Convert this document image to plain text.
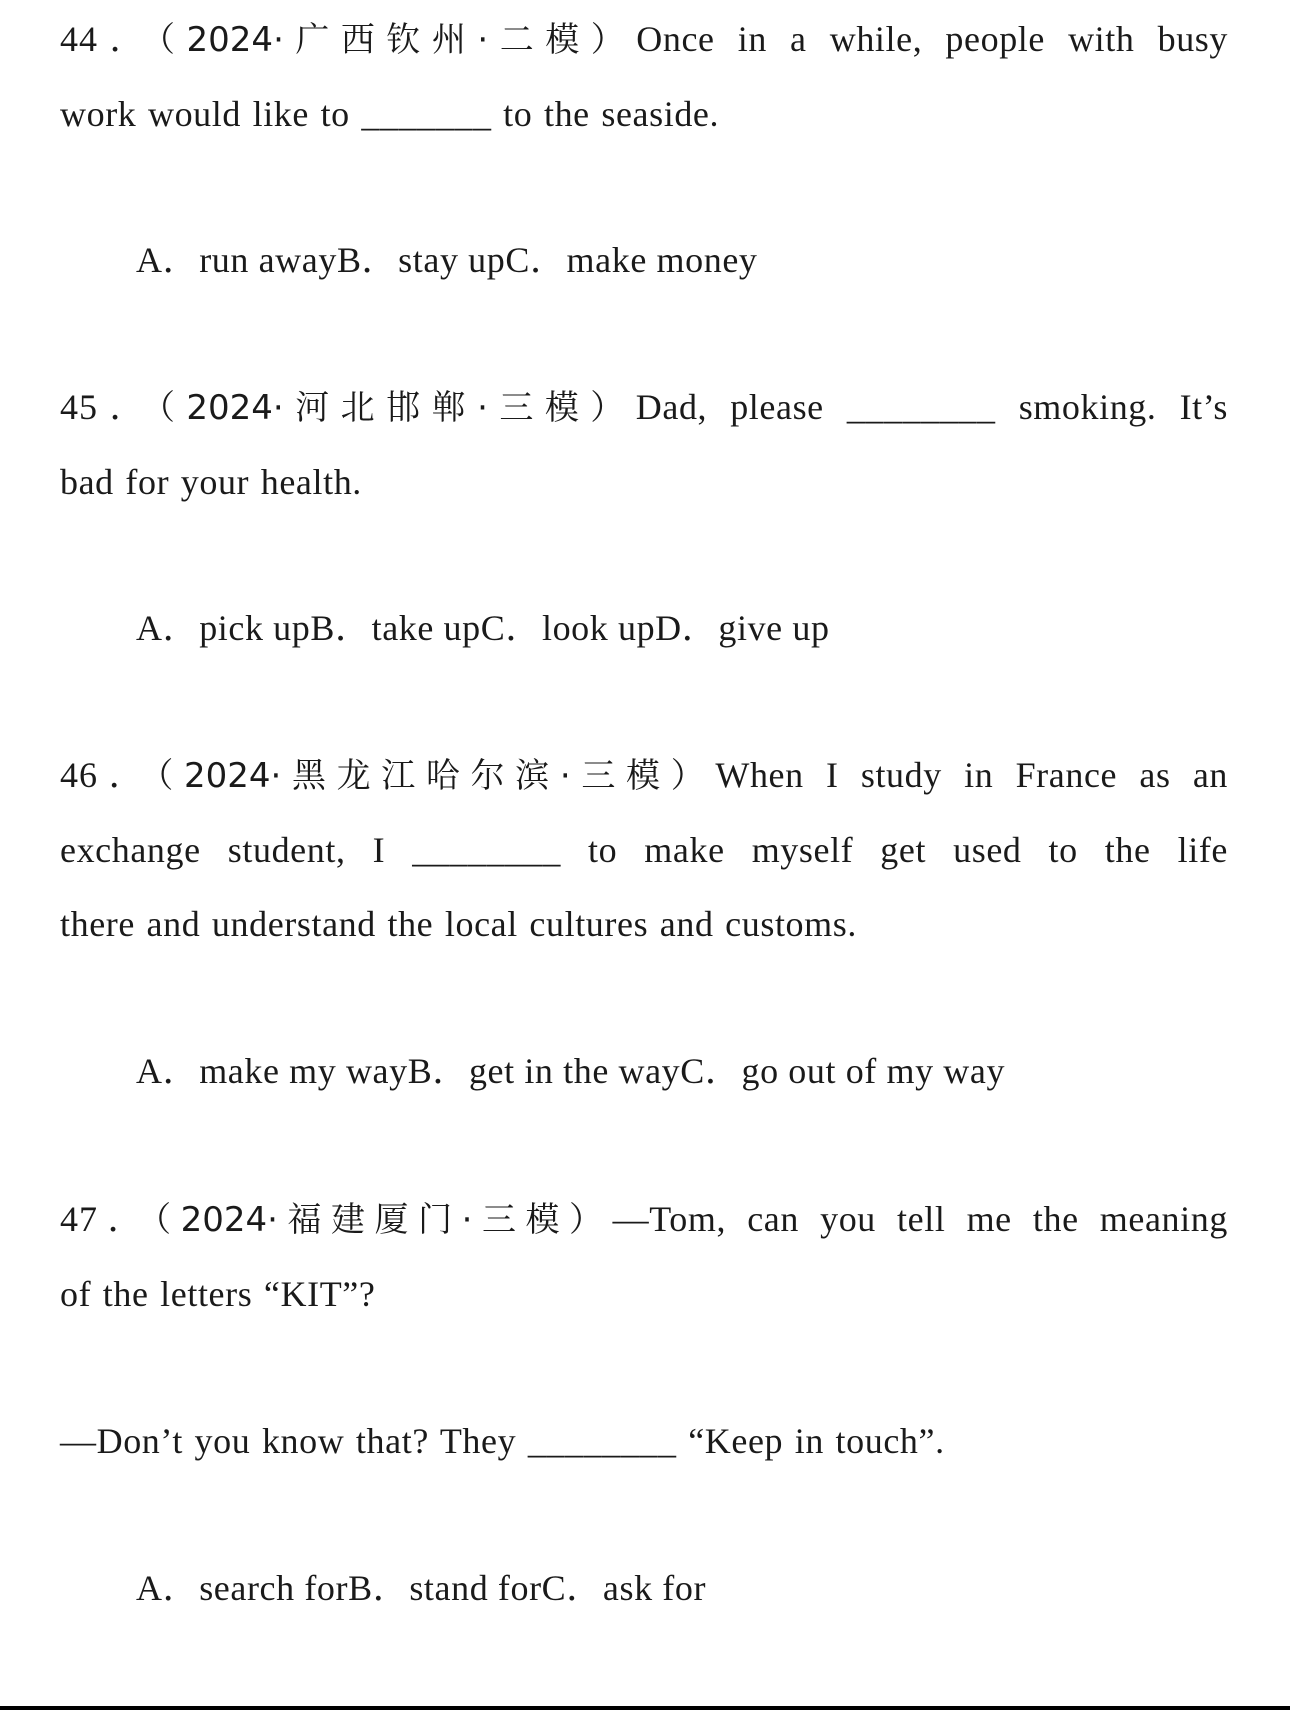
44．（2024·广西钦州·二模）Once in a while, people with busy
work would like to _______ to the seaside.
A．run awayB．stay upC．make money
45．（2024·河北邯郸·三模）Dad, please ________ smoking. It’s
bad for your health.
A．pick upB．take upC．look upD．give up
46．（2024·黑龙江哈尔滨·三模）When I study in France as an
exchange student, I ________ to make myself get used to the life
there and understand the local cultures and customs.
A．make my wayB．get in the wayC．go out of my way
47．（2024·福建厦门·三模）—Tom, can you tell me the meaning
of the letters “KIT”?
—Don’t you know that? They ________ “Keep in touch”.
A．search forB．stand forC．ask for
